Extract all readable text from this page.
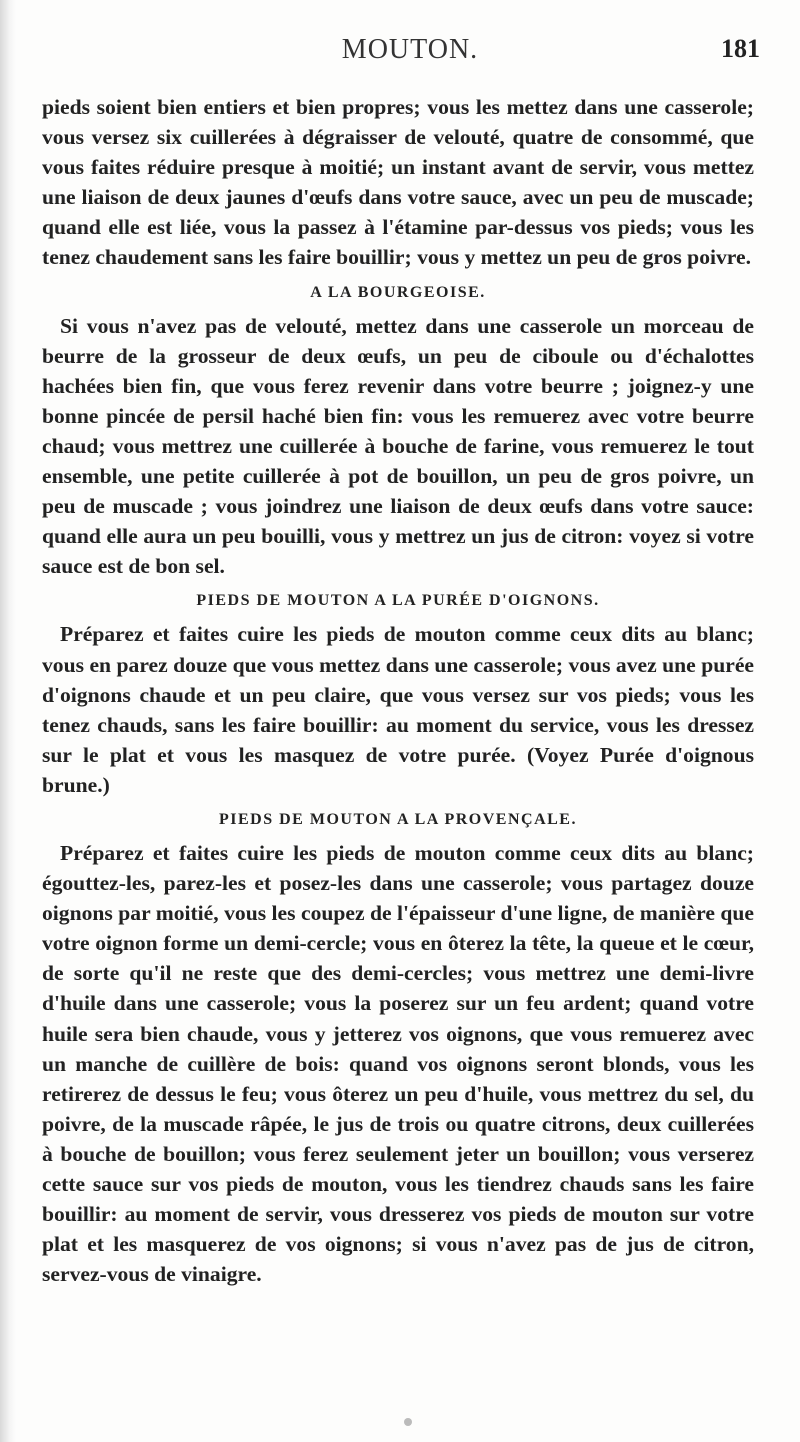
MOUTON.	181

pieds soient bien entiers et bien propres; vous les mettez dans une casserole; vous versez six cuillerées à dégraisser de velouté, quatre de consommé, que vous faites réduire presque à moitié; un instant avant de servir, vous mettez une liaison de deux jaunes d'œufs dans votre sauce, avec un peu de muscade; quand elle est liée, vous la passez à l'étamine par-dessus vos pieds; vous les tenez chaudement sans les faire bouillir; vous y mettez un peu de gros poivre.

A LA BOURGEOISE.

Si vous n'avez pas de velouté, mettez dans une casserole un morceau de beurre de la grosseur de deux œufs, un peu de ciboule ou d'échalottes hachées bien fin, que vous ferez revenir dans votre beurre ; joignez-y une bonne pincée de persil haché bien fin: vous les remuerez avec votre beurre chaud; vous mettrez une cuillerée à bouche de farine, vous remuerez le tout ensemble, une petite cuillerée à pot de bouillon, un peu de gros poivre, un peu de muscade ; vous joindrez une liaison de deux œufs dans votre sauce: quand elle aura un peu bouilli, vous y mettrez un jus de citron: voyez si votre sauce est de bon sel.

PIEDS DE MOUTON A LA PURÉE D'OIGNONS.

Préparez et faites cuire les pieds de mouton comme ceux dits au blanc; vous en parez douze que vous mettez dans une casserole; vous avez une purée d'oignons chaude et un peu claire, que vous versez sur vos pieds; vous les tenez chauds, sans les faire bouillir: au moment du service, vous les dressez sur le plat et vous les masquez de votre purée. (Voyez Purée d'oignous brune.)

PIEDS DE MOUTON A LA PROVENÇALE.

Préparez et faites cuire les pieds de mouton comme ceux dits au blanc; égouttez-les, parez-les et posez-les dans une casserole; vous partagez douze oignons par moitié, vous les coupez de l'épaisseur d'une ligne, de manière que votre oignon forme un demi-cercle; vous en ôterez la tête, la queue et le cœur, de sorte qu'il ne reste que des demi-cercles; vous mettrez une demi-livre d'huile dans une casserole; vous la poserez sur un feu ardent; quand votre huile sera bien chaude, vous y jetterez vos oignons, que vous remuerez avec un manche de cuillère de bois: quand vos oignons seront blonds, vous les retirerez de dessus le feu; vous ôterez un peu d'huile, vous mettrez du sel, du poivre, de la muscade râpée, le jus de trois ou quatre citrons, deux cuillerées à bouche de bouillon; vous ferez seulement jeter un bouillon; vous verserez cette sauce sur vos pieds de mouton, vous les tiendrez chauds sans les faire bouillir: au moment de servir, vous dresserez vos pieds de mouton sur votre plat et les masquerez de vos oignons; si vous n'avez pas de jus de citron, servez-vous de vinaigre.
